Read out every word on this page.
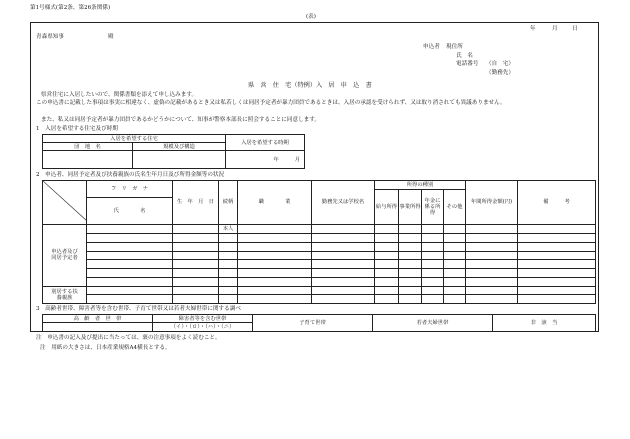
第1号様式(第2条、第26条関係)
(表)
年	月	日
青森県知事	殿
申込者 現住所
氏　名
電話番号 （自　宅）
（勤務先）
県　営　住　宅（特例）入　居　申　込　書
県営住宅に入居したいので、関係書類を添えて申し込みます。
この申込書に記載した事項は事実に相違なく、虚偽の記載があるとき又は私若しくは同居予定者が暴力団員であるときは、入居の承認を受けられず、又は取り消されても異議ありません。
また、私又は同居予定者が暴力団員であるかどうかについて、知事が警察本部長に照会することに同意します。
1　入居を希望する住宅及び時期
入居を希望する住宅		入居を希望する時期
団　地　名	規模及び構造	
		年　　　 月
2　申込者、同居予定者及び扶養親族の氏名生年月日及び所得金額等の状況
	フ　リ　ガ　ナ	生　年　月　日	続柄	職　　　　業	勤務先又は学校名	所得の種別				年間所得金額(円)	備　　　考
						給与所得	事業所得	年金に係る所得	その他		
	氏　　　　名										

申込者及び同居予定者			本人								

別居する扶養親族											

3　高齢者世帯、障害者等を含む世帯、子育て世帯又は若者夫婦世帯に関する調べ
高　齢　者　世　帯	障害者等を含む世帯	子育て世帯	若者夫婦世帯	非　該　当
	（イ）・（ロ）・（ハ）・（ニ）			
注　申込書の記入及び提出に当たっては、裏の注意事項をよく読むこと。
注　用紙の大きさは、日本産業規格A4横長とする。
